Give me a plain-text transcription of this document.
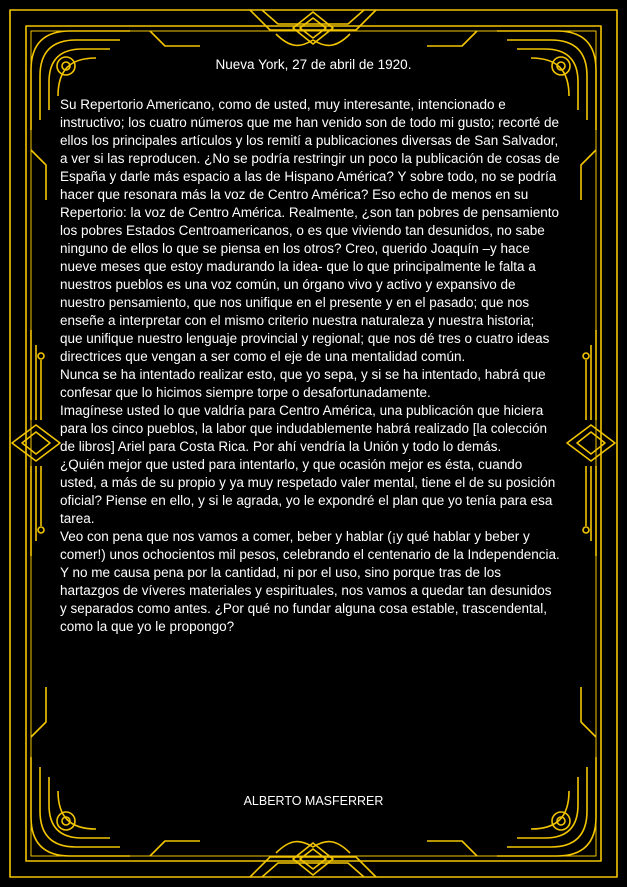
Nueva York, 27 de abril de 1920.

Su Repertorio Americano, como de usted, muy interesante, intencionado e instructivo; los cuatro números que me han venido son de todo mi gusto; recorté de ellos los principales artículos y los remití a publicaciones diversas de San Salvador, a ver si las reproducen. ¿No se podría restringir un poco la publicación de cosas de España y darle más espacio a las de Hispano América? Y sobre todo, no se podría hacer que resonara más la voz de Centro América? Eso echo de menos en su Repertorio: la voz de Centro América. Realmente, ¿son tan pobres de pensamiento los pobres Estados Centroamericanos, o es que viviendo tan desunidos, no sabe ninguno de ellos lo que se piensa en los otros? Creo, querido Joaquín –y hace nueve meses que estoy madurando la idea- que lo que principalmente le falta a nuestros pueblos es una voz común, un órgano vivo y activo y expansivo de nuestro pensamiento, que nos unifique en el presente y en el pasado; que nos enseñe a interpretar con el mismo criterio nuestra naturaleza y nuestra historia; que unifique nuestro lenguaje provincial y regional; que nos dé tres o cuatro ideas directrices que vengan a ser como el eje de una mentalidad común.

Nunca se ha intentado realizar esto, que yo sepa, y si se ha intentado, habrá que confesar que lo hicimos siempre torpe o desafortunadamente.

Imagínese usted lo que valdría para Centro América, una publicación que hiciera para los cinco pueblos, la labor que indudablemente habrá realizado [la colección de libros] Ariel para Costa Rica. Por ahí vendría la Unión y todo lo demás.

¿Quién mejor que usted para intentarlo, y que ocasión mejor es ésta, cuando usted, a más de su propio y ya muy respetado valer mental, tiene el de su posición oficial? Piense en ello, y si le agrada, yo le expondré el plan que yo tenía para esa tarea.

Veo con pena que nos vamos a comer, beber y hablar (¡y qué hablar y beber y comer!) unos ochocientos mil pesos, celebrando el centenario de la Independencia. Y no me causa pena por la cantidad, ni por el uso, sino porque tras de los hartazgos de víveres materiales y espirituales, nos vamos a quedar tan desunidos y separados como antes. ¿Por qué no fundar alguna cosa estable, trascendental, como la que yo le propongo?

ALBERTO MASFERRER
